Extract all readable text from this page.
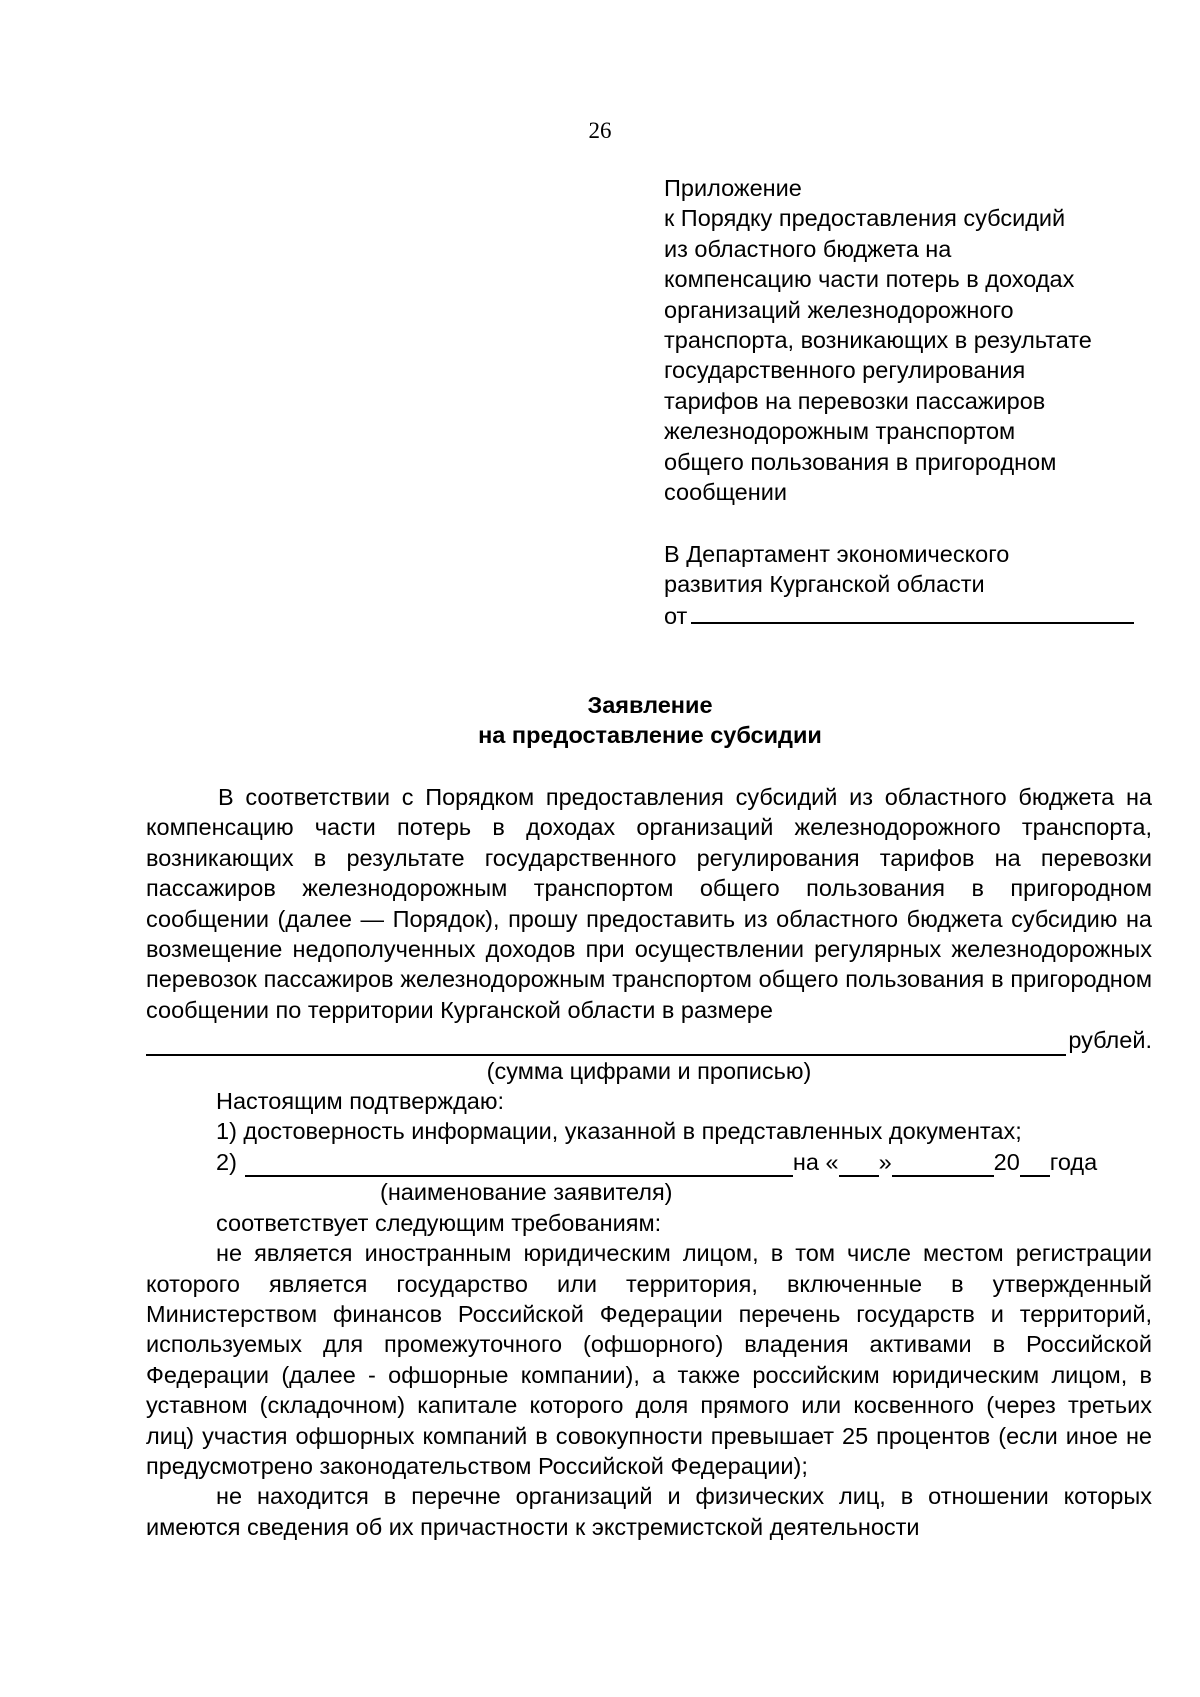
26
Приложение
к Порядку предоставления субсидий
из областного бюджета на
компенсацию части потерь в доходах
организаций железнодорожного
транспорта, возникающих в результате
государственного регулирования
тарифов на перевозки пассажиров
железнодорожным транспортом
общего пользования в пригородном
сообщении
В Департамент экономического
развития Курганской области
от
Заявление
на предоставление субсидии

В соответствии с Порядком предоставления субсидий из областного бюджета на компенсацию части потерь в доходах организаций железнодорожного транспорта, возникающих в результате государственного регулирования тарифов на перевозки пассажиров железнодорожным транспортом общего пользования в пригородном сообщении (далее — Порядок), прошу предоставить из областного бюджета субсидию на возмещение недополученных доходов при осуществлении регулярных железнодорожных перевозок пассажиров железнодорожным транспортом общего пользования в пригородном сообщении по территории Курганской области в размере

рублей.

(сумма цифрами и прописью)

Настоящим подтверждаю:

1) достоверность информации, указанной в представленных документах;

2)	на « »	20 года

(наименование заявителя)

соответствует следующим требованиям:

не является иностранным юридическим лицом, в том числе местом регистрации которого является государство или территория, включенные в утвержденный Министерством финансов Российской Федерации перечень государств и территорий, используемых для промежуточного (офшорного) владения активами в Российской Федерации (далее - офшорные компании), а также российским юридическим лицом, в уставном (складочном) капитале которого доля прямого или косвенного (через третьих лиц) участия офшорных компаний в совокупности превышает 25 процентов (если иное не предусмотрено законодательством Российской Федерации);

не находится в перечне организаций и физических лиц, в отношении которых имеются сведения об их причастности к экстремистской деятельности
